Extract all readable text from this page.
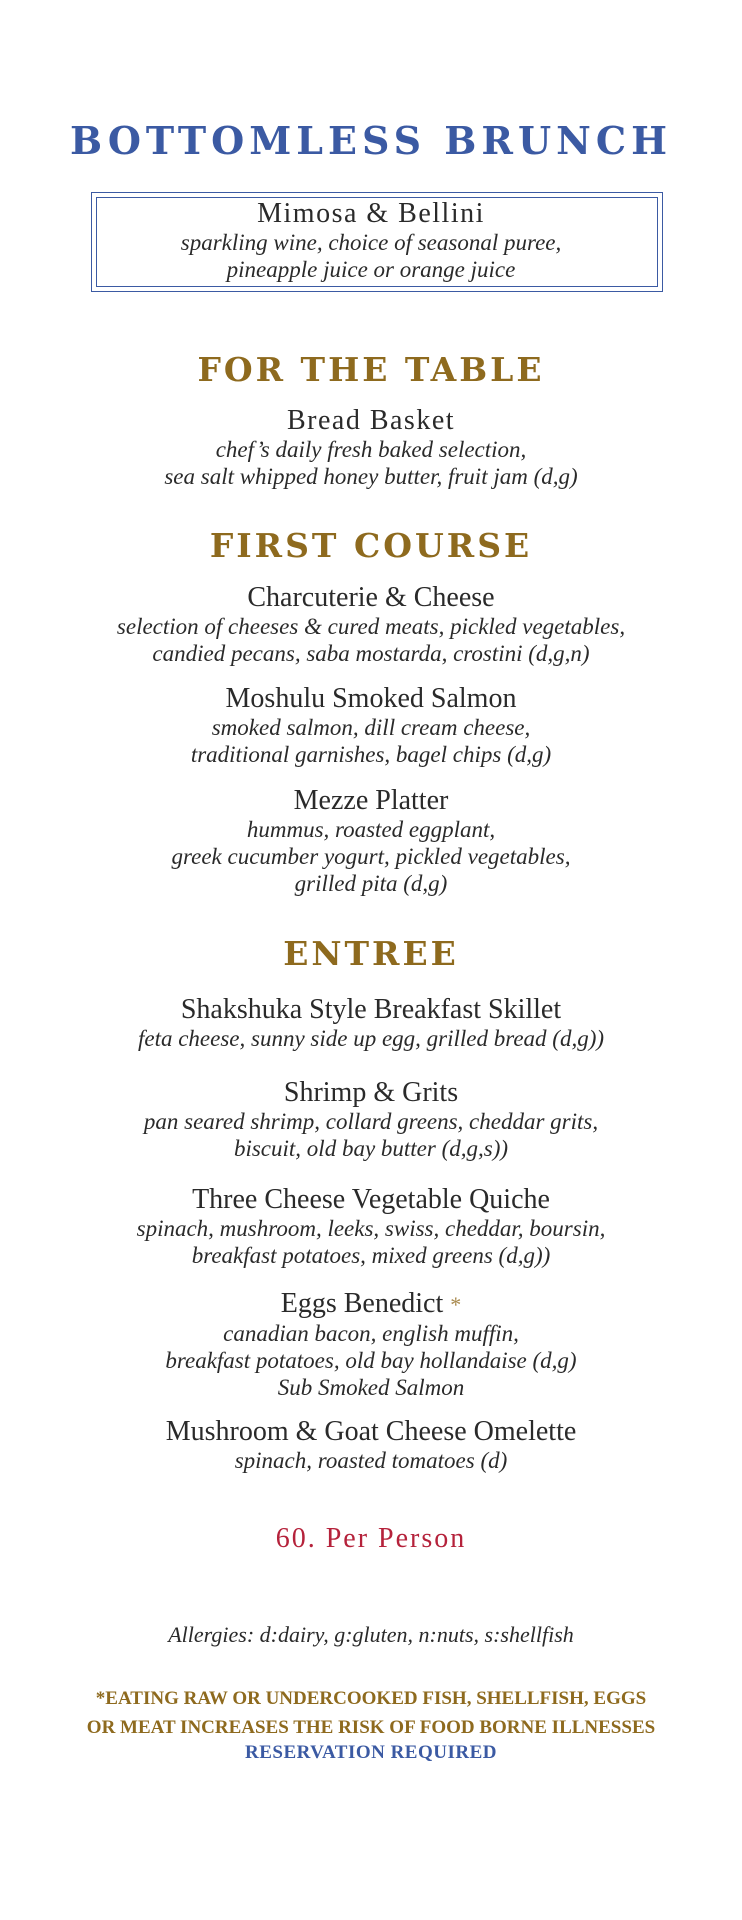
BOTTOMLESS BRUNCH
Mimosa & Bellini
sparkling wine, choice of seasonal puree,
pineapple juice or orange juice
FOR THE TABLE
Bread Basket
chef’s daily fresh baked selection,
sea salt whipped honey butter, fruit jam (d,g)
FIRST COURSE
Charcuterie & Cheese
selection of cheeses & cured meats, pickled vegetables,
candied pecans, saba mostarda, crostini (d,g,n)
Moshulu Smoked Salmon
smoked salmon, dill cream cheese,
traditional garnishes, bagel chips (d,g)
Mezze Platter
hummus, roasted eggplant,
greek cucumber yogurt, pickled vegetables,
grilled pita (d,g)
ENTREE
Shakshuka Style Breakfast Skillet
feta cheese, sunny side up egg, grilled bread (d,g))
Shrimp & Grits
pan seared shrimp, collard greens, cheddar grits,
biscuit, old bay butter (d,g,s))
Three Cheese Vegetable Quiche
spinach, mushroom, leeks, swiss, cheddar, boursin,
breakfast potatoes, mixed greens (d,g))
Eggs Benedict *
canadian bacon, english muffin,
breakfast potatoes, old bay hollandaise (d,g)
Sub Smoked Salmon
Mushroom & Goat Cheese Omelette
spinach, roasted tomatoes (d)
60. Per Person
Allergies: d:dairy, g:gluten, n:nuts, s:shellfish
*EATING RAW OR UNDERCOOKED FISH, SHELLFISH, EGGS
OR MEAT INCREASES THE RISK OF FOOD BORNE ILLNESSES
RESERVATION REQUIRED
